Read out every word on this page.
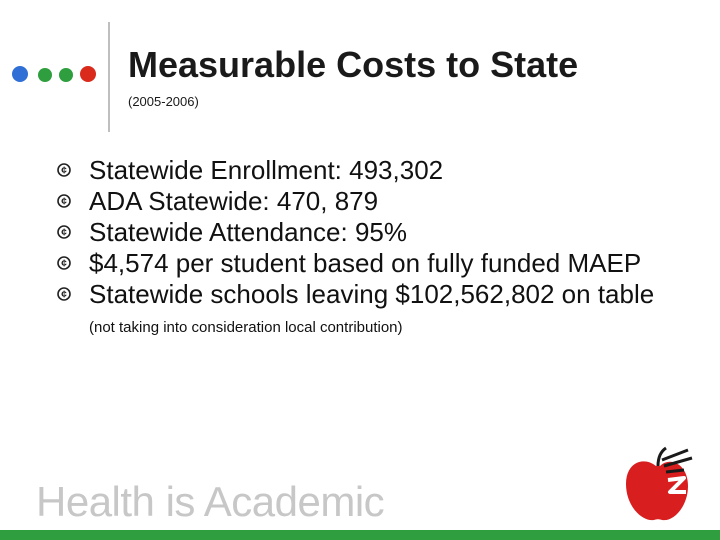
Measurable Costs to State
(2005-2006)
¢ Statewide Enrollment: 493,302
¢ ADA Statewide: 470, 879
¢ Statewide Attendance: 95%
¢ $4,574 per student based on fully funded MAEP
¢ Statewide schools leaving $102,562,802 on table (not taking into consideration local contribution)
Health is Academic
